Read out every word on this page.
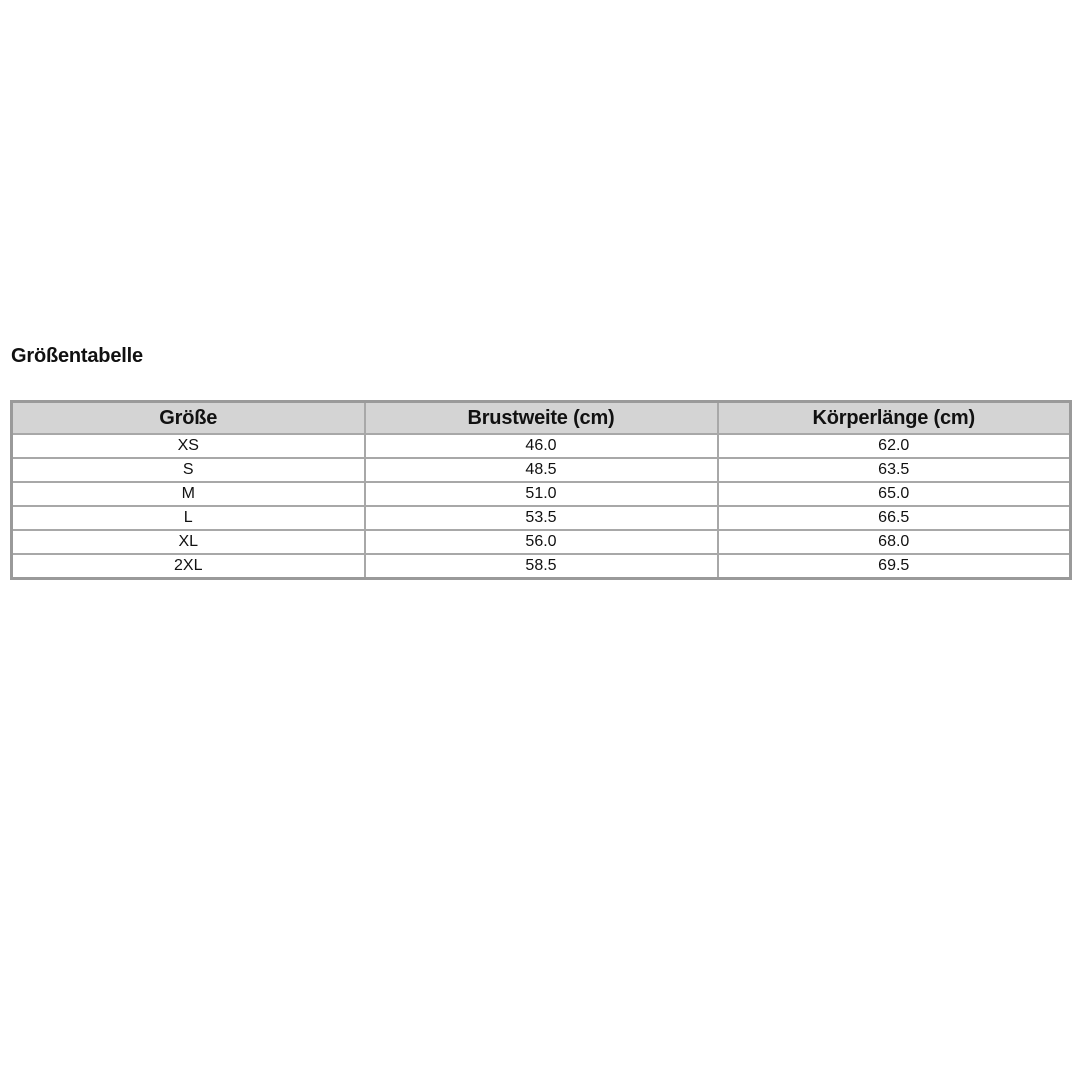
Größentabelle
Größe	Brustweite (cm)	Körperlänge (cm)
XS	46.0	62.0
S	48.5	63.5
M	51.0	65.0
L	53.5	66.5
XL	56.0	68.0
2XL	58.5	69.5
